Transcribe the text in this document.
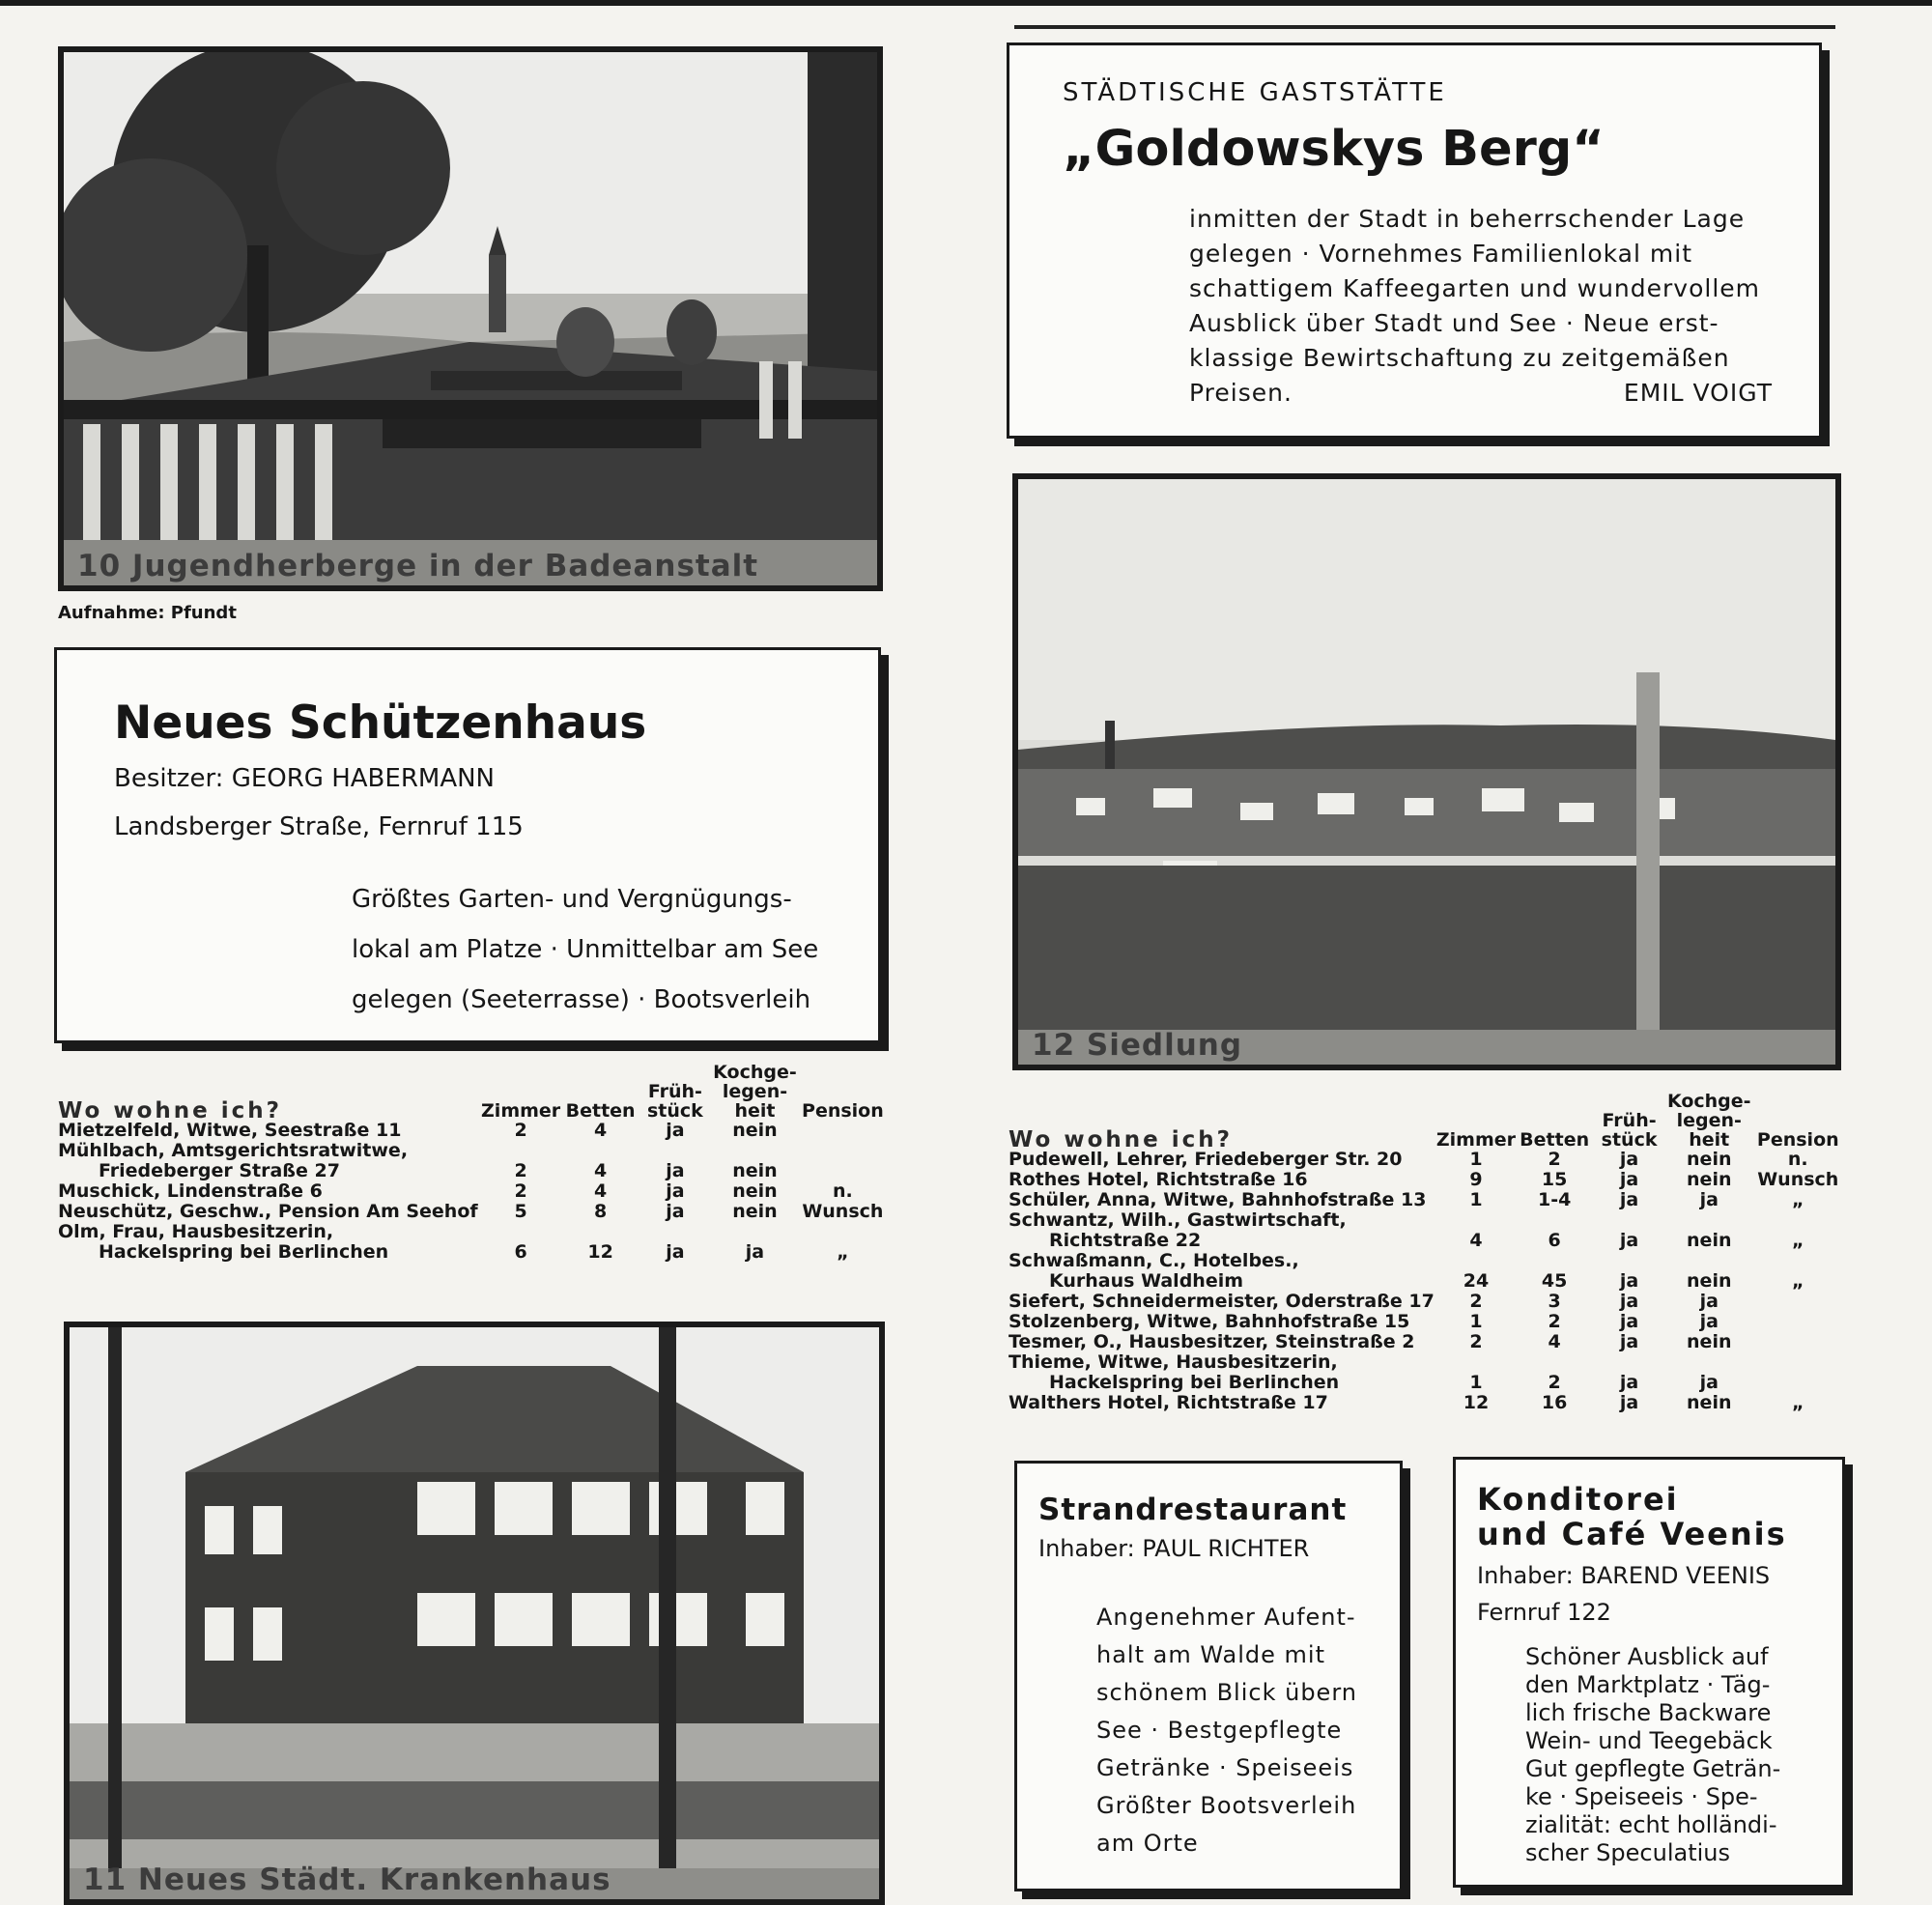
10 Jugendherberge in der Badeanstalt
Aufnahme: Pfundt

STÄDTISCHE GASTSTÄTTE

„Goldowskys Berg“

inmitten der Stadt in beherrschender Lage

gelegen · Vornehmes Familienlokal mit

schattigem Kaffeegarten und wundervollem

Ausblick über Stadt und See · Neue erst-

klassige Bewirtschaftung zu zeitgemäßen

Preisen.	EMIL VOIGT
12 Siedlung

Neues Schützenhaus

Besitzer: GEORG HABERMANN

Landsberger Straße, Fernruf 115

Größtes Garten- und Vergnügungs-

lokal am Platze · Unmittelbar am See

gelegen (Seeterrasse) · Bootsverleih

Wo wohne ich?	Zimmer	Betten	Früh- stück	Kochge- legen- heit	Pension
Mietzelfeld, Witwe, Seestraße 11	2	4	ja	nein	
Mühlbach, Amtsgerichtsratwitwe,					
Friedeberger Straße 27	2	4	ja	nein	
Muschick, Lindenstraße 6	2	4	ja	nein	n.
Neuschütz, Geschw., Pension Am Seehof	5	8	ja	nein	Wunsch
Olm, Frau, Hausbesitzerin,					
Hackelspring bei Berlinchen	6	12	ja	ja	„
Wo wohne ich?	Zimmer	Betten	Früh- stück	Kochge- legen- heit	Pension
Pudewell, Lehrer, Friedeberger Str. 20	1	2	ja	nein	n.
Rothes Hotel, Richtstraße 16	9	15	ja	nein	Wunsch
Schüler, Anna, Witwe, Bahnhofstraße 13	1	1-4	ja	ja	„
Schwantz, Wilh., Gastwirtschaft,					
Richtstraße 22	4	6	ja	nein	„
Schwaßmann, C., Hotelbes.,					
Kurhaus Waldheim	24	45	ja	nein	„
Siefert, Schneidermeister, Oderstraße 17	2	3	ja	ja	
Stolzenberg, Witwe, Bahnhofstraße 15	1	2	ja	ja	
Tesmer, O., Hausbesitzer, Steinstraße 2	2	4	ja	nein	
Thieme, Witwe, Hausbesitzerin,					
Hackelspring bei Berlinchen	1	2	ja	ja	
Walthers Hotel, Richtstraße 17	12	16	ja	nein	„
11 Neues Städt. Krankenhaus

Strandrestaurant

Inhaber: PAUL RICHTER

Angenehmer Aufent-

halt am Walde mit

schönem Blick übern

See · Bestgepflegte

Getränke · Speiseeis

Größter Bootsverleih

am Orte

Konditorei

und Café Veenis

Inhaber: BAREND VEENIS

Fernruf 122

Schöner Ausblick auf

den Marktplatz · Täg-

lich frische Backware

Wein- und Teegebäck

Gut gepflegte Geträn-

ke · Speiseeis · Spe-

zialität: echt holländi-

scher Speculatius
